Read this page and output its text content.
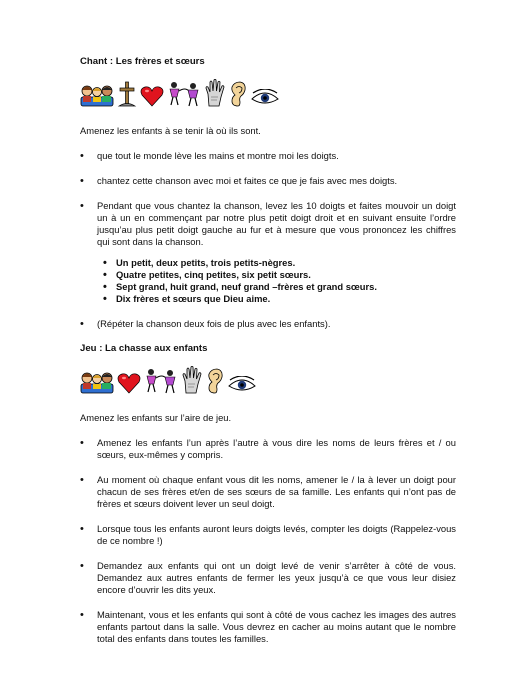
Chant : Les frères et sœurs
Amenez les enfants à se tenir là où ils sont.
• que tout le monde lève les mains et montre moi les doigts.
• chantez cette chanson avec moi et faites ce que je fais avec mes doigts.
• Pendant que vous chantez la chanson, levez les 10 doigts et faites mouvoir un doigt un à un en commençant par notre plus petit doigt droit et en suivant ensuite l’ordre jusqu’au plus petit doigt gauche au fur et à mesure que vous prononcez les chiffres qui sont dans la chanson.
• Un petit, deux petits, trois petits-nègres.
• Quatre petites, cinq petites, six petit sœurs.
• Sept grand, huit grand, neuf grand –frères et grand sœurs.
• Dix frères et sœurs que Dieu aime.
• (Répéter la chanson deux fois de plus avec les enfants).
Jeu : La chasse aux enfants
Amenez les enfants sur l’aire de jeu.
• Amenez les enfants l’un après l’autre à vous dire les noms de leurs frères et / ou sœurs, eux-mêmes y compris.
• Au moment où chaque enfant vous dit les noms, amener le / la à lever un doigt pour chacun de ses frères et/en de ses sœurs de sa famille. Les enfants qui n’ont pas de frères et sœurs doivent lever un seul doigt.
• Lorsque tous les enfants auront leurs doigts levés, compter les doigts (Rappelez-vous de ce nombre !)
• Demandez aux enfants qui ont un doigt levé de venir s’arrêter à côté de vous. Demandez aux autres enfants de fermer les yeux jusqu’à ce que vous leur disiez encore d’ouvrir les dits yeux.
• Maintenant, vous et les enfants qui sont à côté de vous cachez les images des autres enfants partout dans la salle. Vous devrez en cacher au moins autant que le nombre total des enfants dans toutes les familles.
